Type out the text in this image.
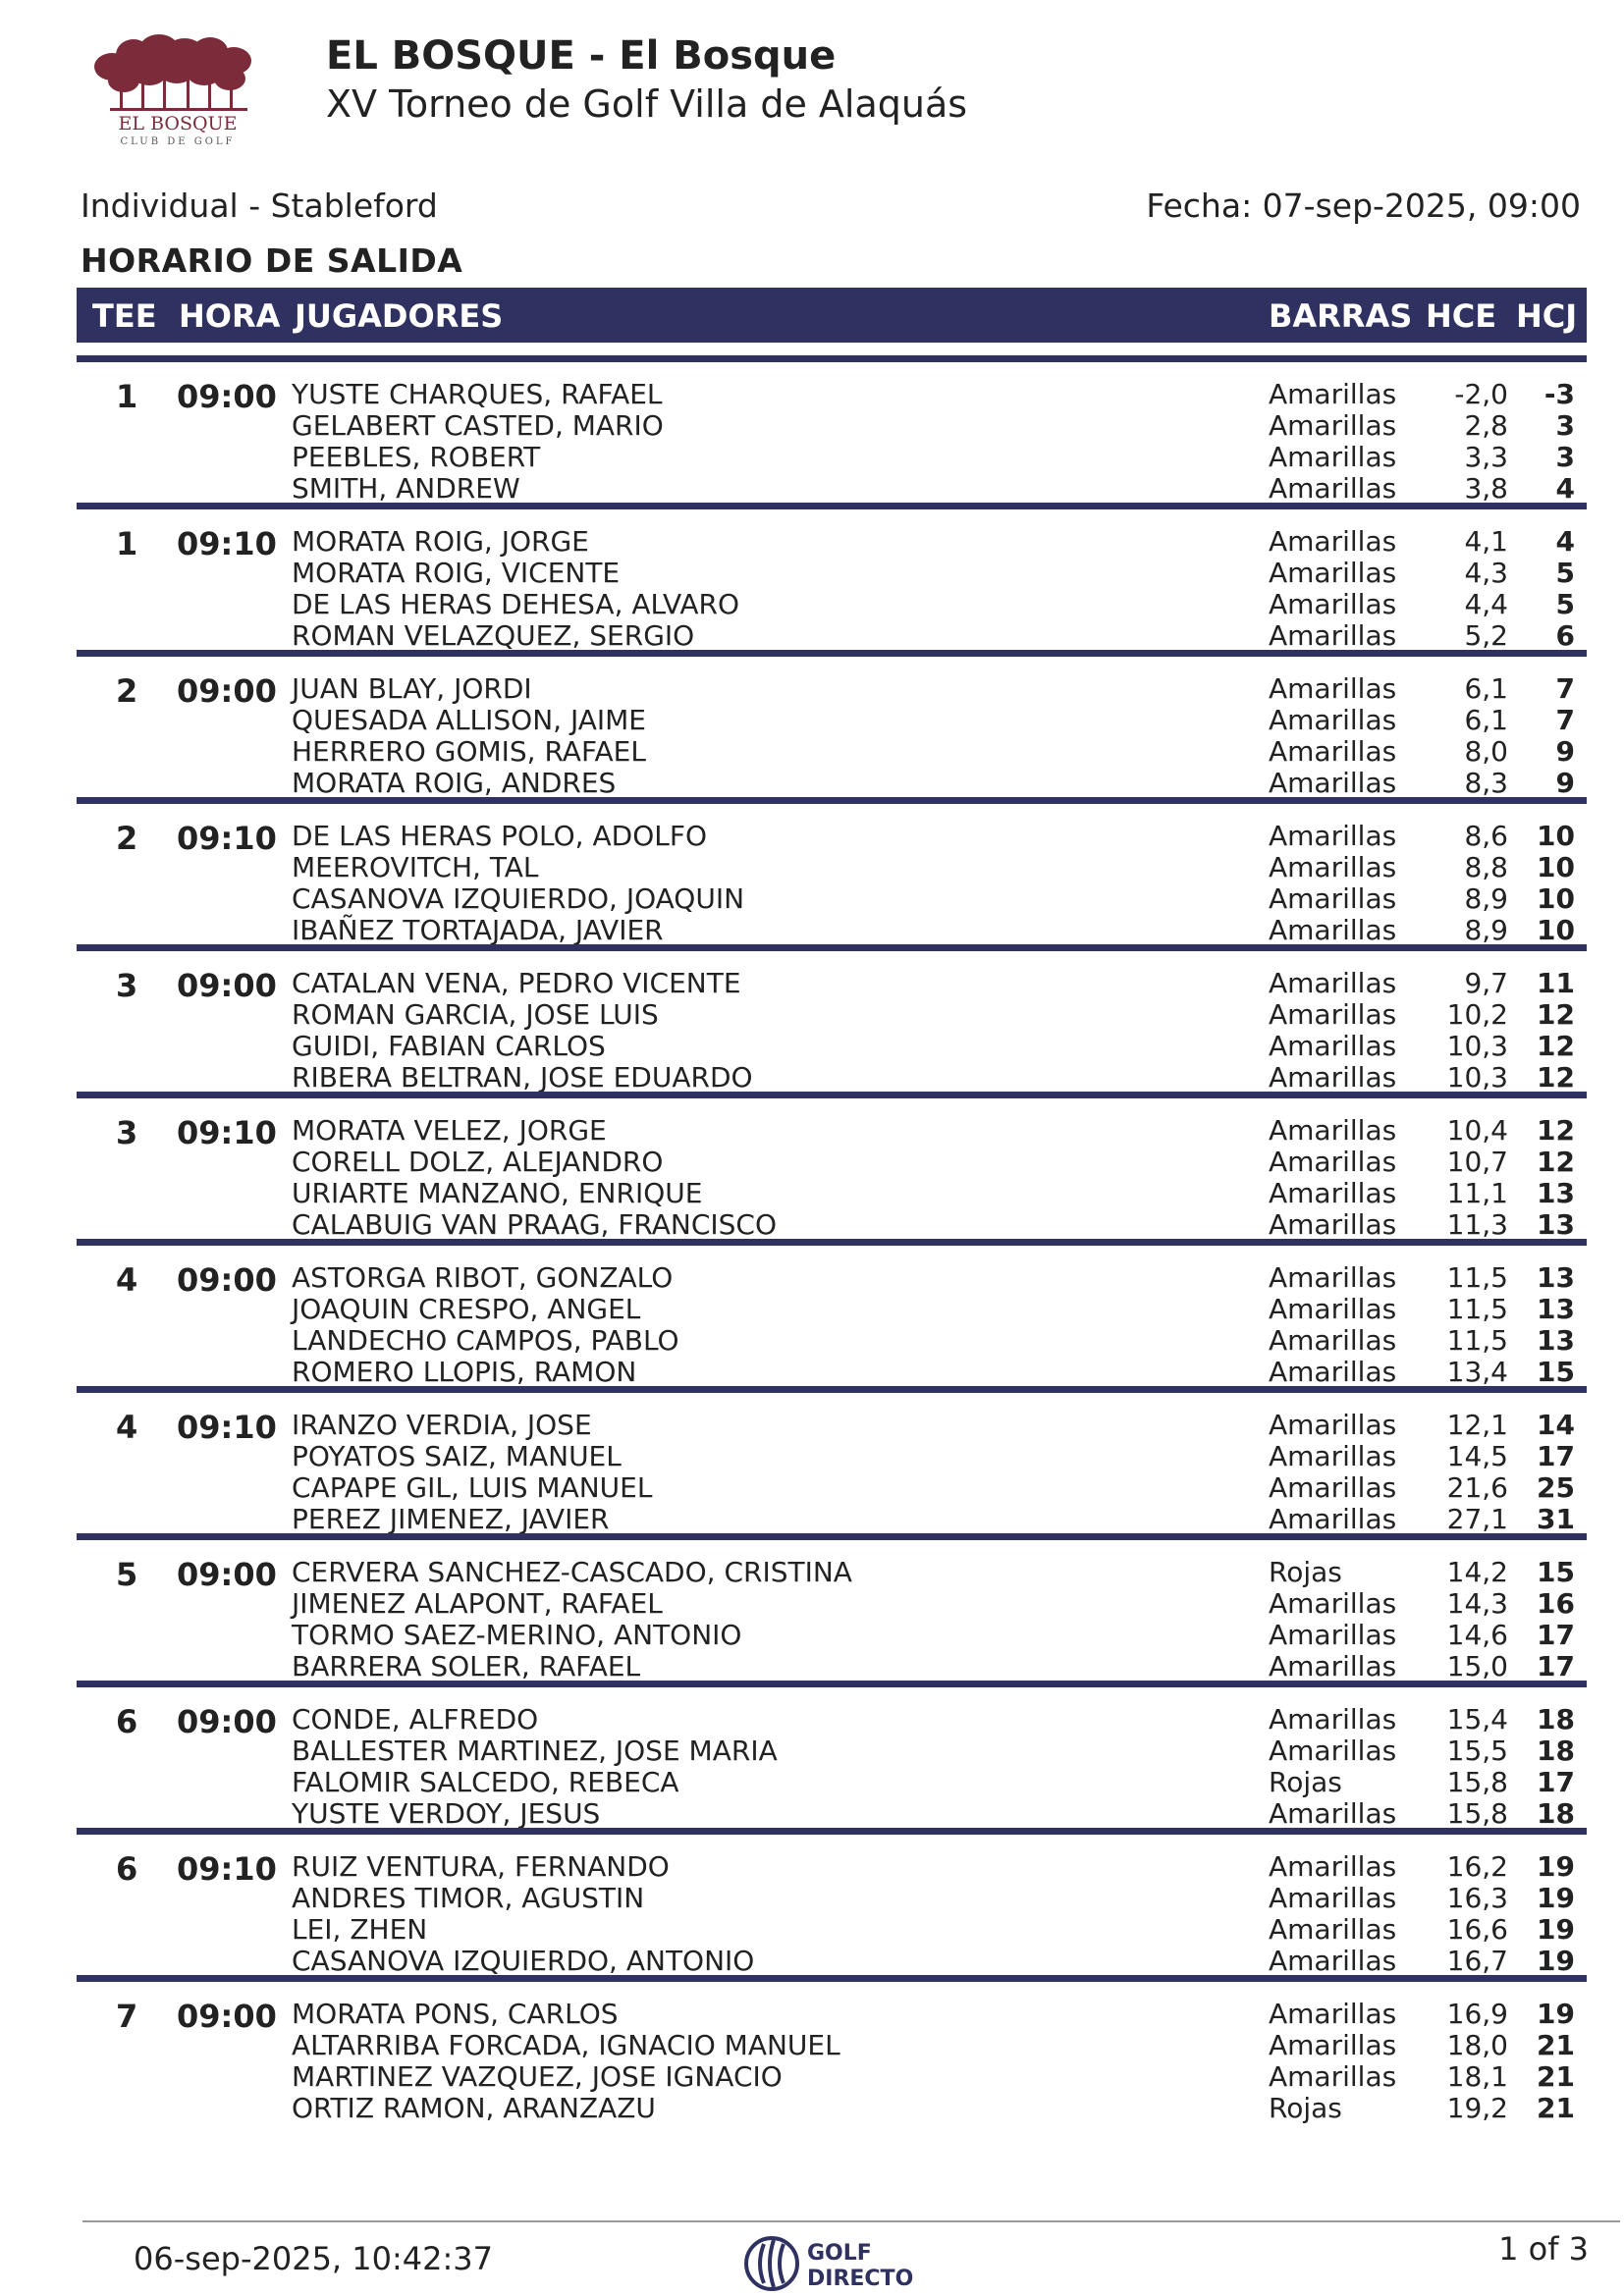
EL BOSQUE
CLUB DE GOLF
EL BOSQUE - El Bosque
XV Torneo de Golf Villa de Alaquás
Individual - Stableford	Fecha: 07-sep-2025, 09:00
HORARIO DE SALIDA
TEE HORA JUGADORES	BARRAS HCE HCJ
1 09:00 YUSTE CHARQUES, RAFAEL	Amarillas	-2,0	-3
GELABERT CASTED, MARIO	Amarillas	2,8	3
PEEBLES, ROBERT	Amarillas	3,3	3
SMITH, ANDREW	Amarillas	3,8	4
1 09:10 MORATA ROIG, JORGE	Amarillas	4,1	4
MORATA ROIG, VICENTE	Amarillas	4,3	5
DE LAS HERAS DEHESA, ALVARO	Amarillas	4,4	5
ROMAN VELAZQUEZ, SERGIO	Amarillas	5,2	6
2 09:00 JUAN BLAY, JORDI	Amarillas	6,1	7
QUESADA ALLISON, JAIME	Amarillas	6,1	7
HERRERO GOMIS, RAFAEL	Amarillas	8,0	9
MORATA ROIG, ANDRES	Amarillas	8,3	9
2 09:10 DE LAS HERAS POLO, ADOLFO	Amarillas	8,6	10
MEEROVITCH, TAL	Amarillas	8,8	10
CASANOVA IZQUIERDO, JOAQUIN	Amarillas	8,9	10
IBAÑEZ TORTAJADA, JAVIER	Amarillas	8,9	10
3 09:00 CATALAN VENA, PEDRO VICENTE	Amarillas	9,7	11
ROMAN GARCIA, JOSE LUIS	Amarillas	10,2	12
GUIDI, FABIAN CARLOS	Amarillas	10,3	12
RIBERA BELTRAN, JOSE EDUARDO	Amarillas	10,3	12
3 09:10 MORATA VELEZ, JORGE	Amarillas	10,4	12
CORELL DOLZ, ALEJANDRO	Amarillas	10,7	12
URIARTE MANZANO, ENRIQUE	Amarillas	11,1	13
CALABUIG VAN PRAAG, FRANCISCO	Amarillas	11,3	13
4 09:00 ASTORGA RIBOT, GONZALO	Amarillas	11,5	13
JOAQUIN CRESPO, ANGEL	Amarillas	11,5	13
LANDECHO CAMPOS, PABLO	Amarillas	11,5	13
ROMERO LLOPIS, RAMON	Amarillas	13,4	15
4 09:10 IRANZO VERDIA, JOSE	Amarillas	12,1	14
POYATOS SAIZ, MANUEL	Amarillas	14,5	17
CAPAPE GIL, LUIS MANUEL	Amarillas	21,6	25
PEREZ JIMENEZ, JAVIER	Amarillas	27,1	31
5 09:00 CERVERA SANCHEZ-CASCADO, CRISTINA	Rojas	14,2	15
JIMENEZ ALAPONT, RAFAEL	Amarillas	14,3	16
TORMO SAEZ-MERINO, ANTONIO	Amarillas	14,6	17
BARRERA SOLER, RAFAEL	Amarillas	15,0	17
6 09:00 CONDE, ALFREDO	Amarillas	15,4	18
BALLESTER MARTINEZ, JOSE MARIA	Amarillas	15,5	18
FALOMIR SALCEDO, REBECA	Rojas	15,8	17
YUSTE VERDOY, JESUS	Amarillas	15,8	18
6 09:10 RUIZ VENTURA, FERNANDO	Amarillas	16,2	19
ANDRES TIMOR, AGUSTIN	Amarillas	16,3	19
LEI, ZHEN	Amarillas	16,6	19
CASANOVA IZQUIERDO, ANTONIO	Amarillas	16,7	19
7 09:00 MORATA PONS, CARLOS	Amarillas	16,9	19
ALTARRIBA FORCADA, IGNACIO MANUEL	Amarillas	18,0	21
MARTINEZ VAZQUEZ, JOSE IGNACIO	Amarillas	18,1	21
ORTIZ RAMON, ARANZAZU	Rojas	19,2	21
06-sep-2025, 10:42:37	GOLF
DIRECTO
1 of 3
